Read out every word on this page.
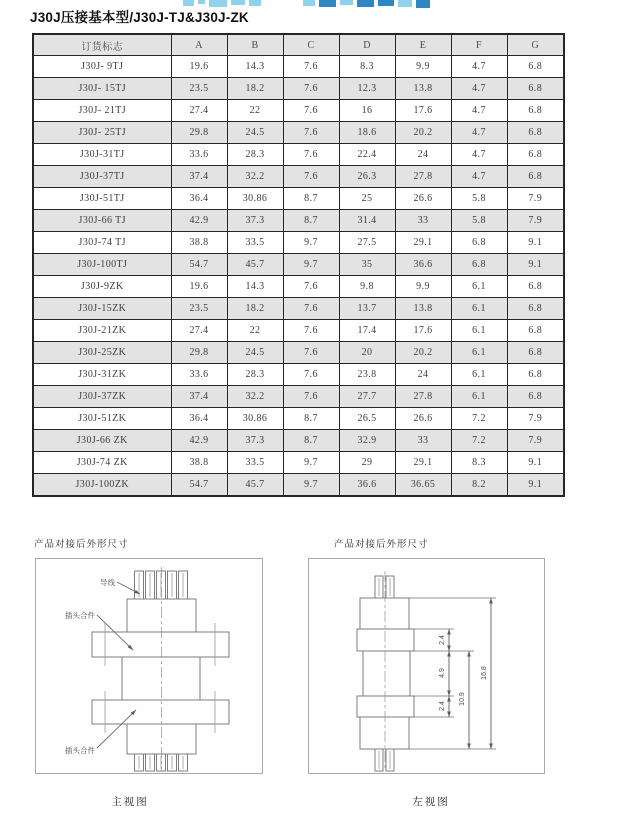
J30J压接基本型/J30J-TJ&J30J-ZK
订货标志	A	B	C	D	E	F	G
J30J- 9TJ	19.6	14.3	7.6	8.3	9.9	4.7	6.8
J30J- 15TJ	23.5	18.2	7.6	12.3	13.8	4.7	6.8
J30J- 21TJ	27.4	22	7.6	16	17.6	4.7	6.8
J30J- 25TJ	29.8	24.5	7.6	18.6	20.2	4.7	6.8
J30J-31TJ	33.6	28.3	7.6	22.4	24	4.7	6.8
J30J-37TJ	37.4	32.2	7.6	26.3	27.8	4.7	6.8
J30J-51TJ	36.4	30.86	8.7	25	26.6	5.8	7.9
J30J-66 TJ	42.9	37.3	8.7	31.4	33	5.8	7.9
J30J-74 TJ	38.8	33.5	9.7	27.5	29.1	6.8	9.1
J30J-100TJ	54.7	45.7	9.7	35	36.6	6.8	9.1
J30J-9ZK	19.6	14.3	7.6	9.8	9.9	6.1	6.8
J30J-15ZK	23.5	18.2	7.6	13.7	13.8	6.1	6.8
J30J-21ZK	27.4	22	7.6	17.4	17.6	6.1	6.8
J30J-25ZK	29.8	24.5	7.6	20	20.2	6.1	6.8
J30J-31ZK	33.6	28.3	7.6	23.8	24	6.1	6.8
J30J-37ZK	37.4	32.2	7.6	27.7	27.8	6.1	6.8
J30J-51ZK	36.4	30.86	8.7	26.5	26.6	7.2	7.9
J30J-66 ZK	42.9	37.3	8.7	32.9	33	7.2	7.9
J30J-74 ZK	38.8	33.5	9.7	29	29.1	8.3	9.1
J30J-100ZK	54.7	45.7	9.7	36.6	36.65	8.2	9.1
产品对接后外形尺寸	产品对接后外形尺寸
导线
插头合件
插头合件
2.4
4.9
2.4
10.9
16.8
主视图	左视图
